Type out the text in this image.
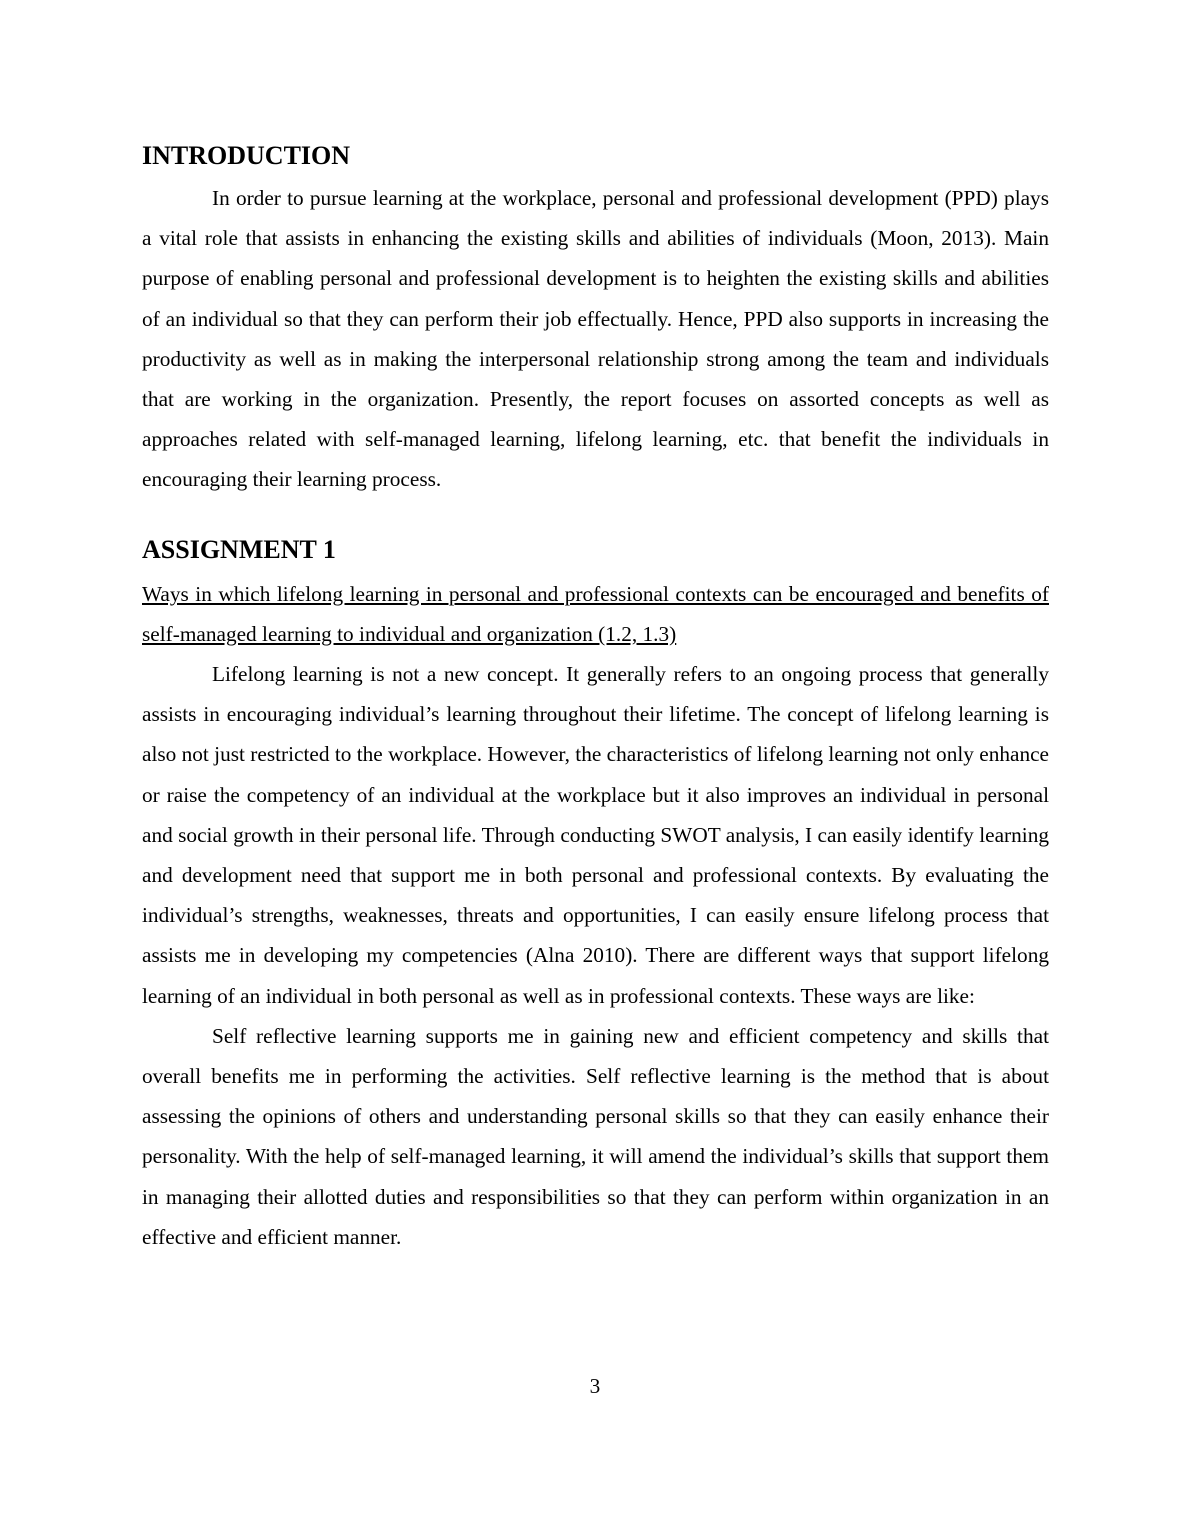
INTRODUCTION

In order to pursue learning at the workplace, personal and professional development (PPD) plays a vital role that assists in enhancing the existing skills and abilities of individuals (Moon, 2013). Main purpose of enabling personal and professional development is to heighten the existing skills and abilities of an individual so that they can perform their job effectually. Hence, PPD also supports in increasing the productivity as well as in making the interpersonal relationship strong among the team and individuals that are working in the organization. Presently, the report focuses on assorted concepts as well as approaches related with self-managed learning, lifelong learning, etc. that benefit the individuals in encouraging their learning process.

ASSIGNMENT 1

Ways in which lifelong learning in personal and professional contexts can be encouraged and benefits of self-managed learning to individual and organization (1.2, 1.3)

Lifelong learning is not a new concept. It generally refers to an ongoing process that generally assists in encouraging individual’s learning throughout their lifetime. The concept of lifelong learning is also not just restricted to the workplace. However, the characteristics of lifelong learning not only enhance or raise the competency of an individual at the workplace but it also improves an individual in personal and social growth in their personal life. Through conducting SWOT analysis, I can easily identify learning and development need that support me in both personal and professional contexts. By evaluating the individual’s strengths, weaknesses, threats and opportunities, I can easily ensure lifelong process that assists me in developing my competencies (Alna 2010). There are different ways that support lifelong learning of an individual in both personal as well as in professional contexts. These ways are like:

Self reflective learning supports me in gaining new and efficient competency and skills that overall benefits me in performing the activities. Self reflective learning is the method that is about assessing the opinions of others and understanding personal skills so that they can easily enhance their personality. With the help of self-managed learning, it will amend the individual’s skills that support them in managing their allotted duties and responsibilities so that they can perform within organization in an effective and efficient manner.

3
